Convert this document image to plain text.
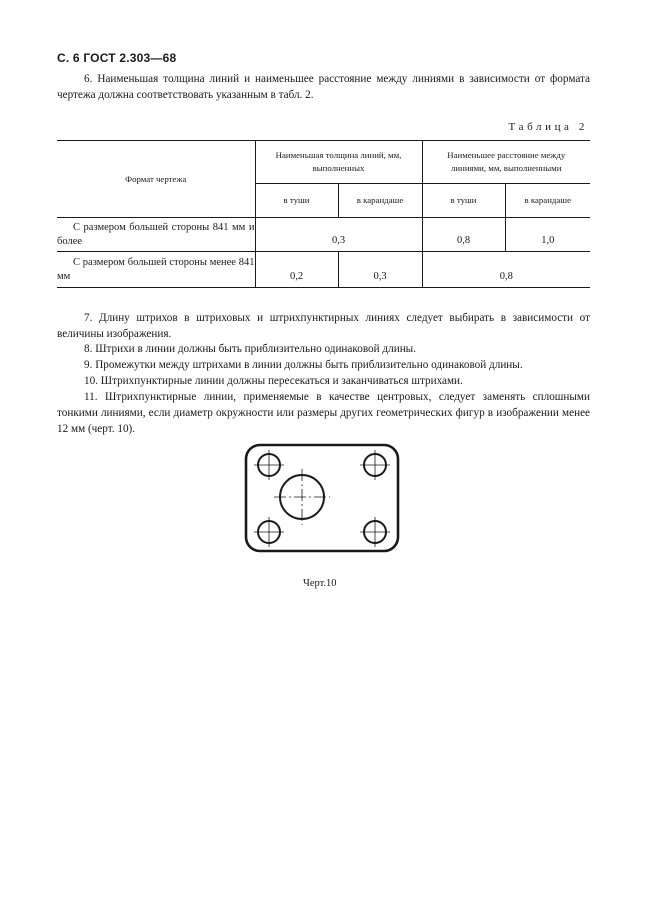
С. 6 ГОСТ 2.303—68

6. Наименьшая толщина линий и наименьшее расстояние между линиями в зависимости от формата чертежа должна соответствовать указанным в табл. 2.

Таблица 2
Формат чертежа	Наименьшая толщина линий, мм, выполненных		Наименьшее расстояние между линиями, мм, выполненными	
	в туши	в карандаше	в туши	в карандаше
С размером большей стороны 841 мм и более	0,3		0,8	1,0
С размером большей стороны менее 841 мм	0,2	0,3	0,8	

7. Длину штрихов в штриховых и штрихпунктирных линиях следует выбирать в зависимости от величины изображения.

8. Штрихи в линии должны быть приблизительно одинаковой длины.

9. Промежутки между штрихами в линии должны быть приблизительно одинаковой длины.

10. Штрихпунктирные линии должны пересекаться и заканчиваться штрихами.

11. Штрихпунктирные линии, применяемые в качестве центровых, следует заменять сплошными тонкими линиями, если диаметр окружности или размеры других геометрических фигур в изображении менее 12 мм (черт. 10).

Черт.10
